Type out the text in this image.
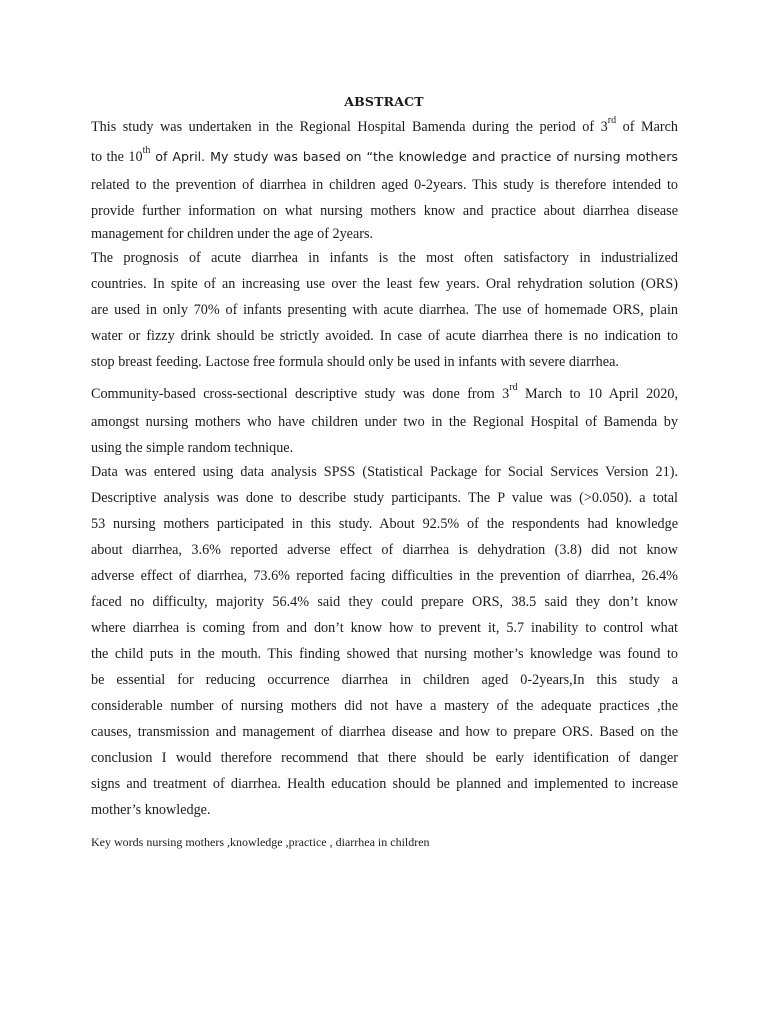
ABSTRACT
This study was undertaken in the Regional Hospital Bamenda during the period of 3rd of March
to the 10th of April. My study was based on “the knowledge and practice of nursing mothers
related to the prevention of diarrhea in children aged 0-2years. This study is therefore intended to
provide further information on what nursing mothers know and practice about diarrhea disease
management for children under the age of 2years.
The prognosis of acute diarrhea in infants is the most often satisfactory in industrialized
countries. In spite of an increasing use over the least few years. Oral rehydration solution (ORS)
are used in only 70% of infants presenting with acute diarrhea. The use of homemade ORS, plain
water or fizzy drink should be strictly avoided. In case of acute diarrhea there is no indication to
stop breast feeding. Lactose free formula should only be used in infants with severe diarrhea.
Community-based cross-sectional descriptive study was done from 3rd March to 10 April 2020,
amongst nursing mothers who have children under two in the Regional Hospital of Bamenda by
using the simple random technique.
Data was entered using data analysis SPSS (Statistical Package for Social Services Version 21).
Descriptive analysis was done to describe study participants. The P value was (>0.050). a total
53 nursing mothers participated in this study. About 92.5% of the respondents had knowledge
about diarrhea, 3.6% reported adverse effect of diarrhea is dehydration (3.8) did not know
adverse effect of diarrhea, 73.6% reported facing difficulties in the prevention of diarrhea, 26.4%
faced no difficulty, majority 56.4% said they could prepare ORS, 38.5 said they don’t know
where diarrhea is coming from and don’t know how to prevent it, 5.7 inability to control what
the child puts in the mouth. This finding showed that nursing mother’s knowledge was found to
be essential for reducing occurrence diarrhea in children aged 0-2years,In this study a
considerable number of nursing mothers did not have a mastery of the adequate practices ,the
causes, transmission and management of diarrhea disease and how to prepare ORS. Based on the
conclusion I would therefore recommend that there should be early identification of danger
signs and treatment of diarrhea. Health education should be planned and implemented to increase
mother’s knowledge.
Key words nursing mothers ,knowledge ,practice , diarrhea in children
